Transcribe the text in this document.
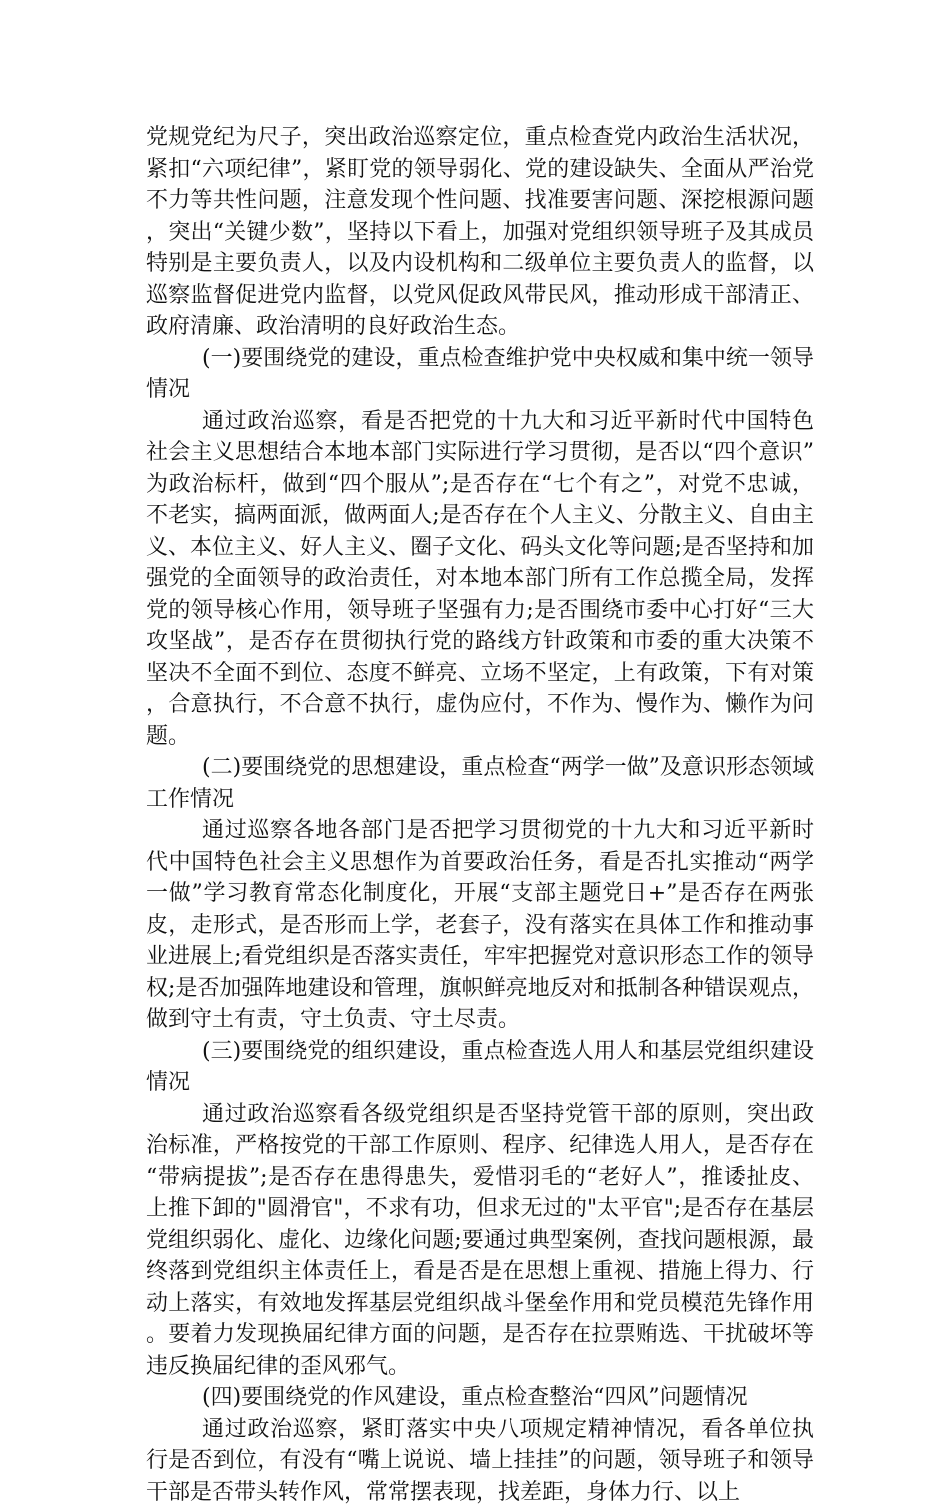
党规党纪为尺子，突出政治巡察定位，重点检查党内政治生活状况，紧扣“六项纪律”，紧盯党的领导弱化、党的建设缺失、全面从严治党不力等共性问题，注意发现个性问题、找准要害问题、深挖根源问题，突出“关键少数”，坚持以下看上，加强对党组织领导班子及其成员特别是主要负责人，以及内设机构和二级单位主要负责人的监督，以巡察监督促进党内监督，以党风促政风带民风，推动形成干部清正、政府清廉、政治清明的良好政治生态。

(一)要围绕党的建设，重点检查维护党中央权威和集中统一领导情况

通过政治巡察，看是否把党的十九大和习近平新时代中国特色社会主义思想结合本地本部门实际进行学习贯彻，是否以“四个意识”为政治标杆，做到“四个服从”;是否存在“七个有之”，对党不忠诚，不老实，搞两面派，做两面人;是否存在个人主义、分散主义、自由主义、本位主义、好人主义、圈子文化、码头文化等问题;是否坚持和加强党的全面领导的政治责任，对本地本部门所有工作总揽全局，发挥党的领导核心作用，领导班子坚强有力;是否围绕市委中心打好“三大攻坚战”，是否存在贯彻执行党的路线方针政策和市委的重大决策不坚决不全面不到位、态度不鲜亮、立场不坚定，上有政策，下有对策，合意执行，不合意不执行，虚伪应付，不作为、慢作为、懒作为问题。

(二)要围绕党的思想建设，重点检查“两学一做”及意识形态领域工作情况

通过巡察各地各部门是否把学习贯彻党的十九大和习近平新时代中国特色社会主义思想作为首要政治任务，看是否扎实推动“两学一做”学习教育常态化制度化，开展“支部主题党日+”是否存在两张皮，走形式，是否形而上学，老套子，没有落实在具体工作和推动事业进展上;看党组织是否落实责任，牢牢把握党对意识形态工作的领导权;是否加强阵地建设和管理，旗帜鲜亮地反对和抵制各种错误观点，做到守土有责，守土负责、守土尽责。

(三)要围绕党的组织建设，重点检查选人用人和基层党组织建设情况

通过政治巡察看各级党组织是否坚持党管干部的原则，突出政治标准，严格按党的干部工作原则、程序、纪律选人用人，是否存在“带病提拔”;是否存在患得患失，爱惜羽毛的“老好人”，推诿扯皮、上推下卸的"圆滑官"，不求有功，但求无过的"太平官";是否存在基层党组织弱化、虚化、边缘化问题;要通过典型案例，查找问题根源，最终落到党组织主体责任上，看是否是在思想上重视、措施上得力、行动上落实，有效地发挥基层党组织战斗堡垒作用和党员模范先锋作用。要着力发现换届纪律方面的问题，是否存在拉票贿选、干扰破坏等违反换届纪律的歪风邪气。

(四)要围绕党的作风建设，重点检查整治“四风”问题情况

通过政治巡察，紧盯落实中央八项规定精神情况，看各单位执行是否到位，有没有“嘴上说说、墙上挂挂”的问题，领导班子和领导干部是否带头转作风，常常摆表现，找差距，身体力行、以上
